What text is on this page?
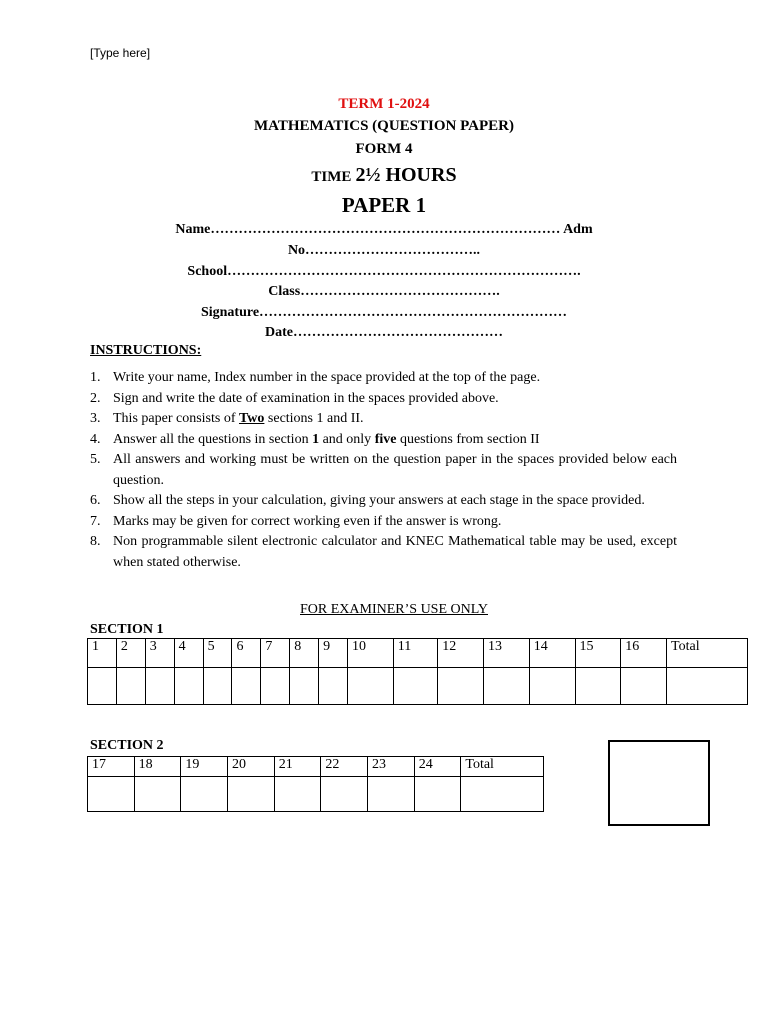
[Type here]
TERM 1-2024
MATHEMATICS (QUESTION PAPER)
FORM 4
TIME 2½ HOURS
PAPER 1
Name………………………………………………………………… Adm
No………………………………..
School………………………………………………………………….
Class…………………………………….
Signature…………………………………………………………
Date………………………………………
INSTRUCTIONS:
1. Write your name, Index number in the space provided at the top of the page.
2. Sign and write the date of examination in the spaces provided above.
3. This paper consists of Two sections 1 and II.
4. Answer all the questions in section 1 and only five questions from section II
5. All answers and working must be written on the question paper in the spaces provided below each question.
6. Show all the steps in your calculation, giving your answers at each stage in the space provided.
7. Marks may be given for correct working even if the answer is wrong.
8. Non programmable silent electronic calculator and KNEC Mathematical table may be used, except when stated otherwise.
FOR EXAMINER’S USE ONLY
SECTION 1
1	2	3	4	5	6	7	8	9	10	11	12	13	14	15	16	Total

SECTION 2
17	18	19	20	21	22	23	24	Total
